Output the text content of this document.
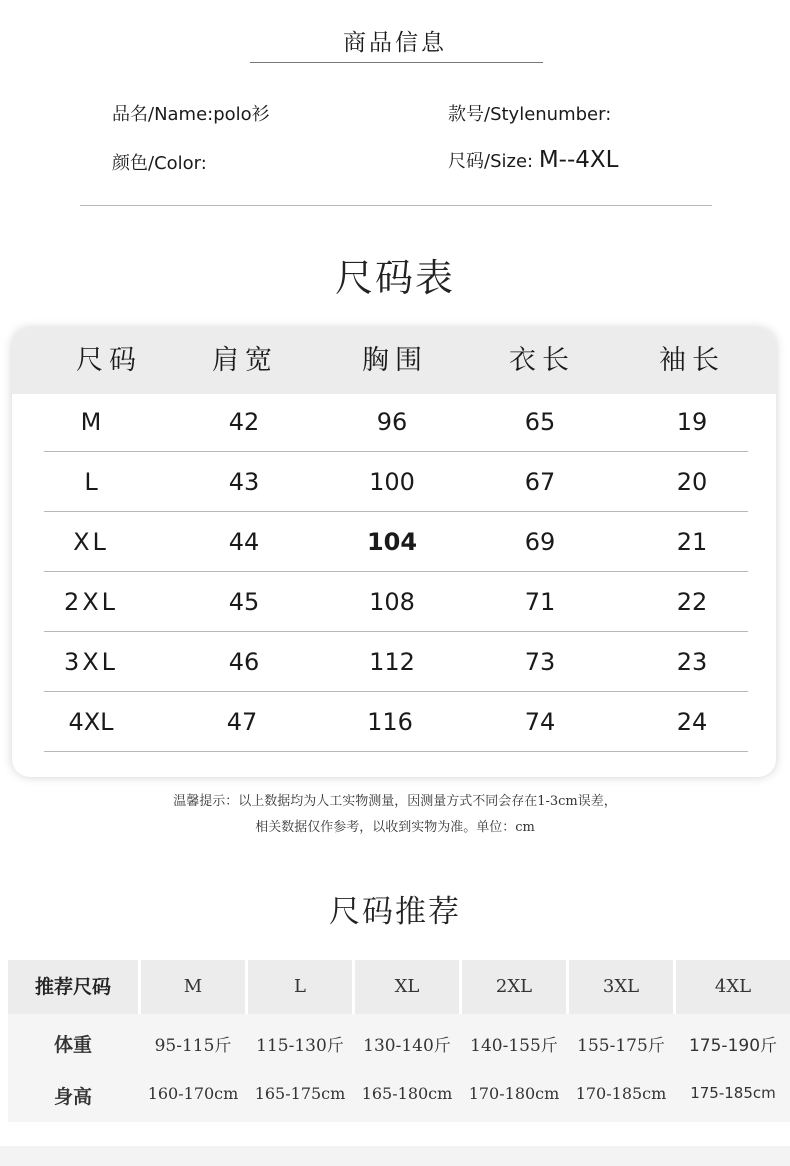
商品信息
品名/Name:polo衫	款号/Stylenumber:
颜色/Color:	尺码/Size: M--4XL
尺码表
尺码	肩宽	胸围	衣长	袖长
M	42	96	65	19
L	43	100	67	20
XL	44	104	69	21
2XL	45	108	71	22
3XL	46	112	73	23
4XL	47	116	74	24
温馨提示：以上数据均为人工实物测量，因测量方式不同会存在1-3cm误差，
相关数据仅作参考，以收到实物为准。单位：cm
尺码推荐
推荐尺码	M	L	XL	2XL	3XL	4XL
体重	95-115斤	115-130斤	130-140斤	140-155斤	155-175斤	175-190斤
身高	160-170cm	165-175cm	165-180cm	170-180cm	170-185cm	175-185cm
